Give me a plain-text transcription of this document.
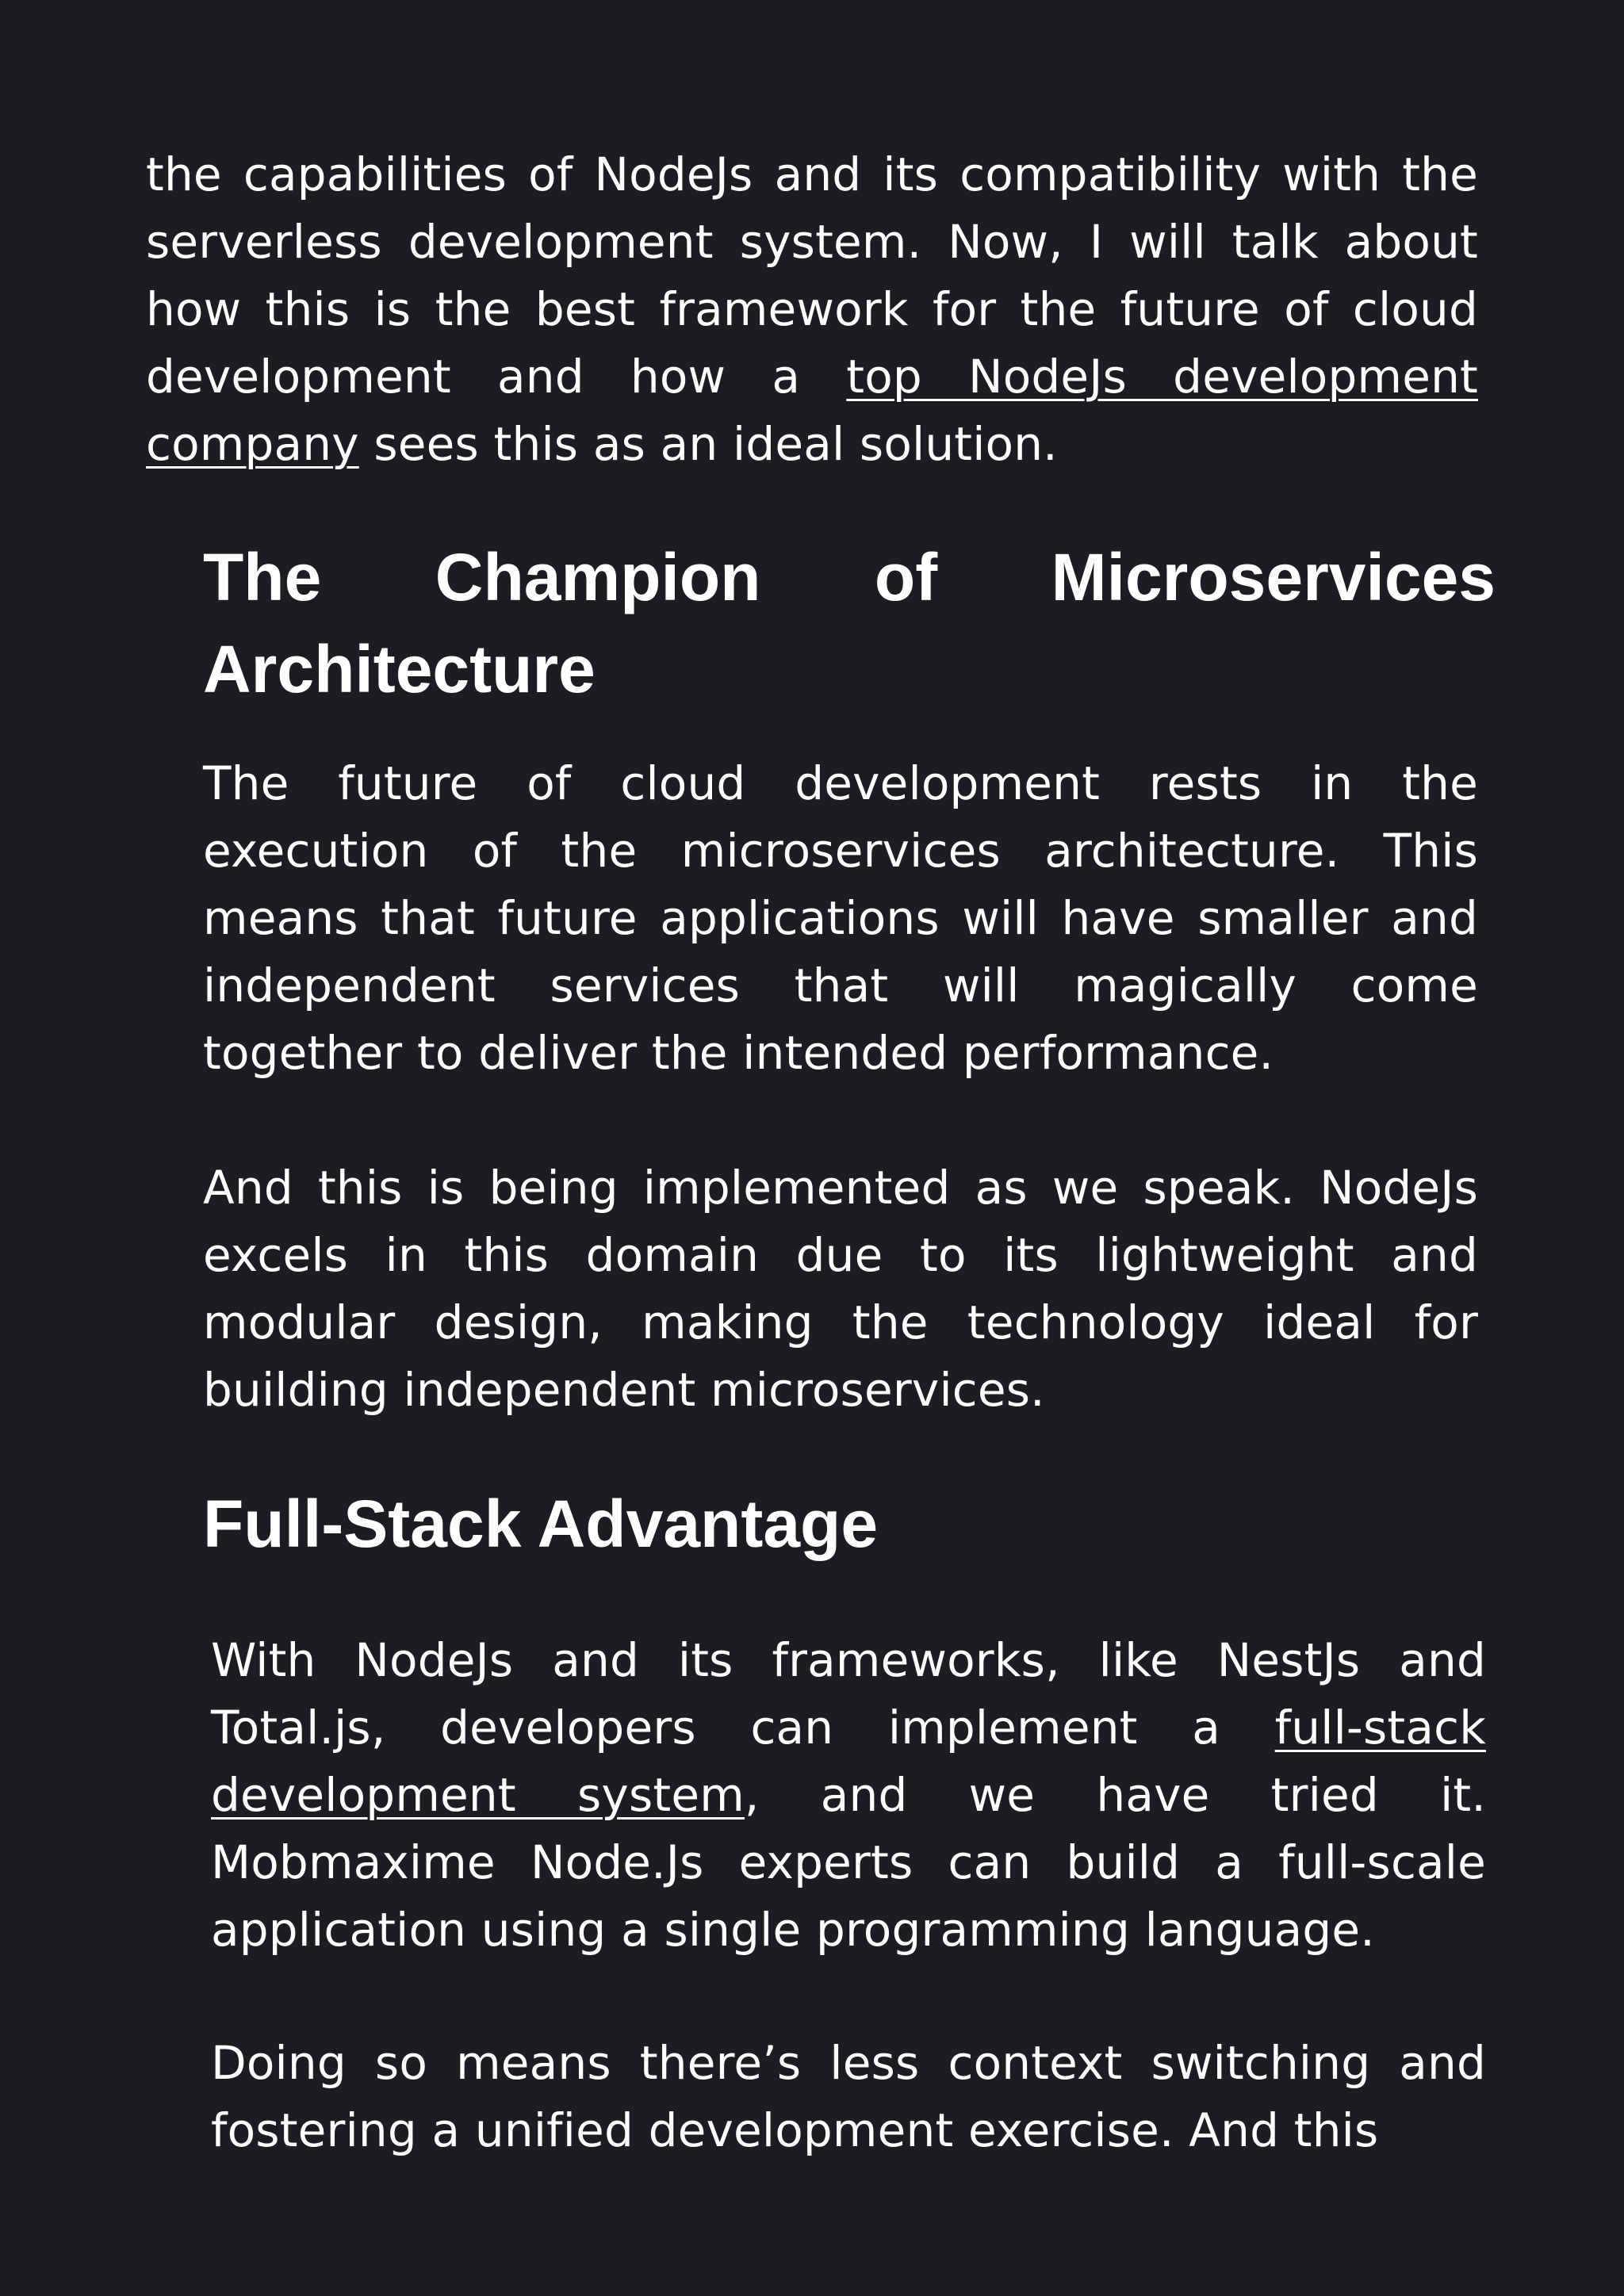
the capabilities of NodeJs and its compatibility with the serverless development system. Now, I will talk about how this is the best framework for the future of cloud development and how a top NodeJs development company sees this as an ideal solution.

The Champion of Microservices Architecture

The future of cloud development rests in the execution of the microservices architecture. This means that future applications will have smaller and independent services that will magically come together to deliver the intended performance.

And this is being implemented as we speak. NodeJs excels in this domain due to its lightweight and modular design, making the technology ideal for building independent microservices.

Full-Stack Advantage

With NodeJs and its frameworks, like NestJs and Total.js, developers can implement a full-stack development system, and we have tried it. Mobmaxime Node.Js experts can build a full-scale application using a single programming language.

Doing so means there’s less context switching and fostering a unified development exercise. And this
